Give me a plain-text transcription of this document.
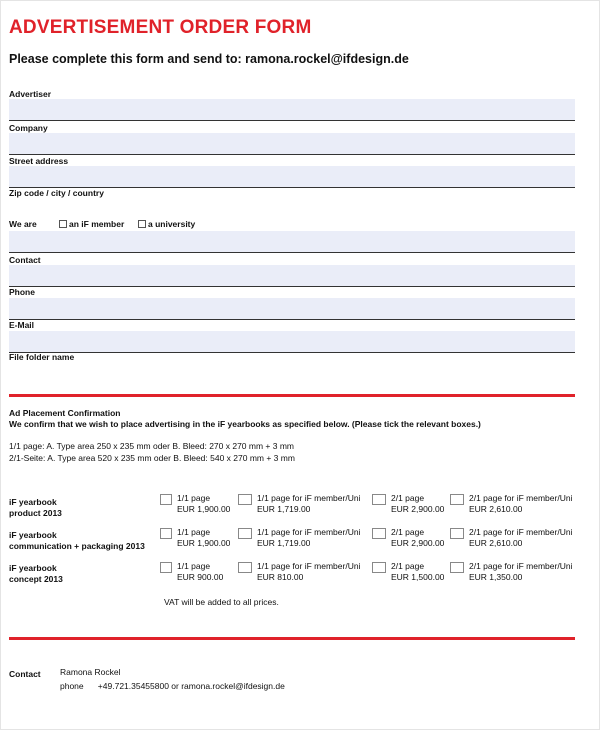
ADVERTISEMENT ORDER FORM
Please complete this form and send to: ramona.rockel@ifdesign.de
Advertiser
Company
Street address
Zip code / city / country
We are	an iF member	a university
Contact
Phone
E-Mail
File folder name
Ad Placement Confirmation
We confirm that we wish to place advertising in the iF yearbooks as specified below. (Please tick the relevant boxes.)
1/1 page: A. Type area 250 x 235 mm oder B. Bleed: 270 x 270 mm + 3 mm
2/1-Seite: A. Type area 520 x 235 mm oder B. Bleed: 540 x 270 mm + 3 mm
iF yearbook
product 2013
1/1 page
EUR 1,900.00
1/1 page for iF member/Uni
EUR 1,719.00
2/1 page
EUR 2,900.00
2/1 page for iF member/Uni
EUR 2,610.00
iF yearbook
communication + packaging 2013
1/1 page
EUR 1,900.00
1/1 page for iF member/Uni
EUR 1,719.00
2/1 page
EUR 2,900.00
2/1 page for iF member/Uni
EUR 2,610.00
iF yearbook
concept 2013
1/1 page
EUR 900.00
1/1 page for iF member/Uni
EUR 810.00
2/1 page
EUR 1,500.00
2/1 page for iF member/Uni
EUR 1,350.00
VAT will be added to all prices.
Contact Ramona Rockel
phone      +49.721.35455800 or ramona.rockel@ifdesign.de
